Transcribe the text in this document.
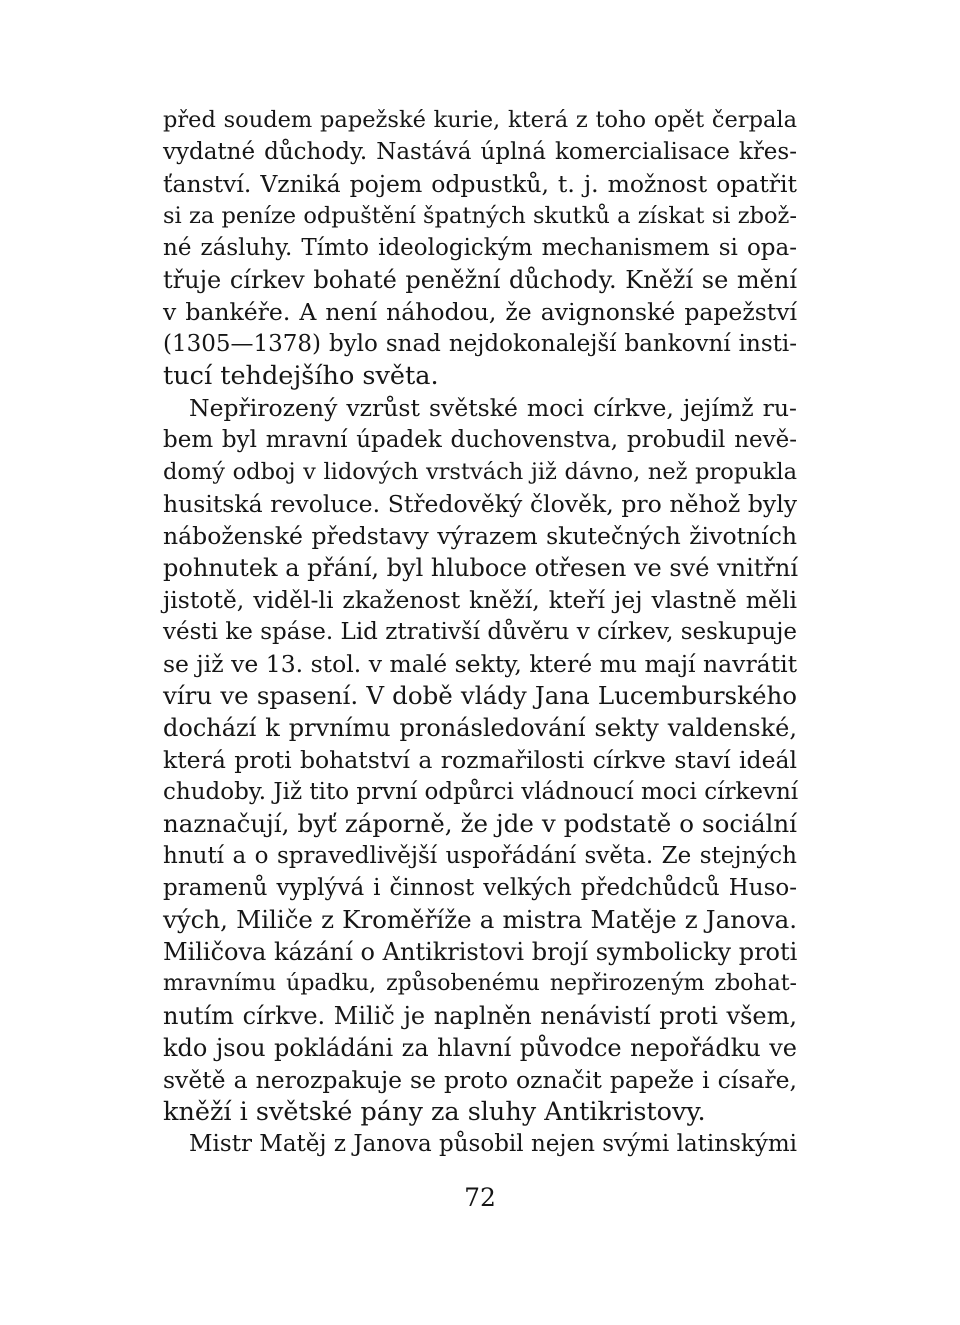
před soudem papežské kurie, která z toho opět čerpala
vydatné důchody. Nastává úplná komercialisace křes-
ťanství. Vzniká pojem odpustků, t. j. možnost opatřit
si za peníze odpuštění špatných skutků a získat si zbož-
né zásluhy. Tímto ideologickým mechanismem si opa-
třuje církev bohaté peněžní důchody. Kněží se mění
v bankéře. A není náhodou, že avignonské papežství
(1305—1378) bylo snad nejdokonalejší bankovní insti-
tucí tehdejšího světa.
Nepřirozený vzrůst světské moci církve, jejímž ru-
bem byl mravní úpadek duchovenstva, probudil nevě-
domý odboj v lidových vrstvách již dávno, než propukla
husitská revoluce. Středověký člověk, pro něhož byly
náboženské představy výrazem skutečných životních
pohnutek a přání, byl hluboce otřesen ve své vnitřní
jistotě, viděl-li zkaženost kněží, kteří jej vlastně měli
vésti ke spáse. Lid ztrativší důvěru v církev, seskupuje
se již ve 13. stol. v malé sekty, které mu mají navrátit
víru ve spasení. V době vlády Jana Lucemburského
dochází k prvnímu pronásledování sekty valdenské,
která proti bohatství a rozmařilosti církve staví ideál
chudoby. Již tito první odpůrci vládnoucí moci církevní
naznačují, byť záporně, že jde v podstatě o sociální
hnutí a o spravedlivější uspořádání světa. Ze stejných
pramenů vyplývá i činnost velkých předchůdců Huso-
vých, Miliče z Kroměříže a mistra Matěje z Janova.
Miličova kázání o Antikristovi brojí symbolicky proti
mravnímu úpadku, způsobenému nepřirozeným zbohat-
nutím církve. Milič je naplněn nenávistí proti všem,
kdo jsou pokládáni za hlavní původce nepořádku ve
světě a nerozpakuje se proto označit papeže i císaře,
kněží i světské pány za sluhy Antikristovy.
Mistr Matěj z Janova působil nejen svými latinskými
72
